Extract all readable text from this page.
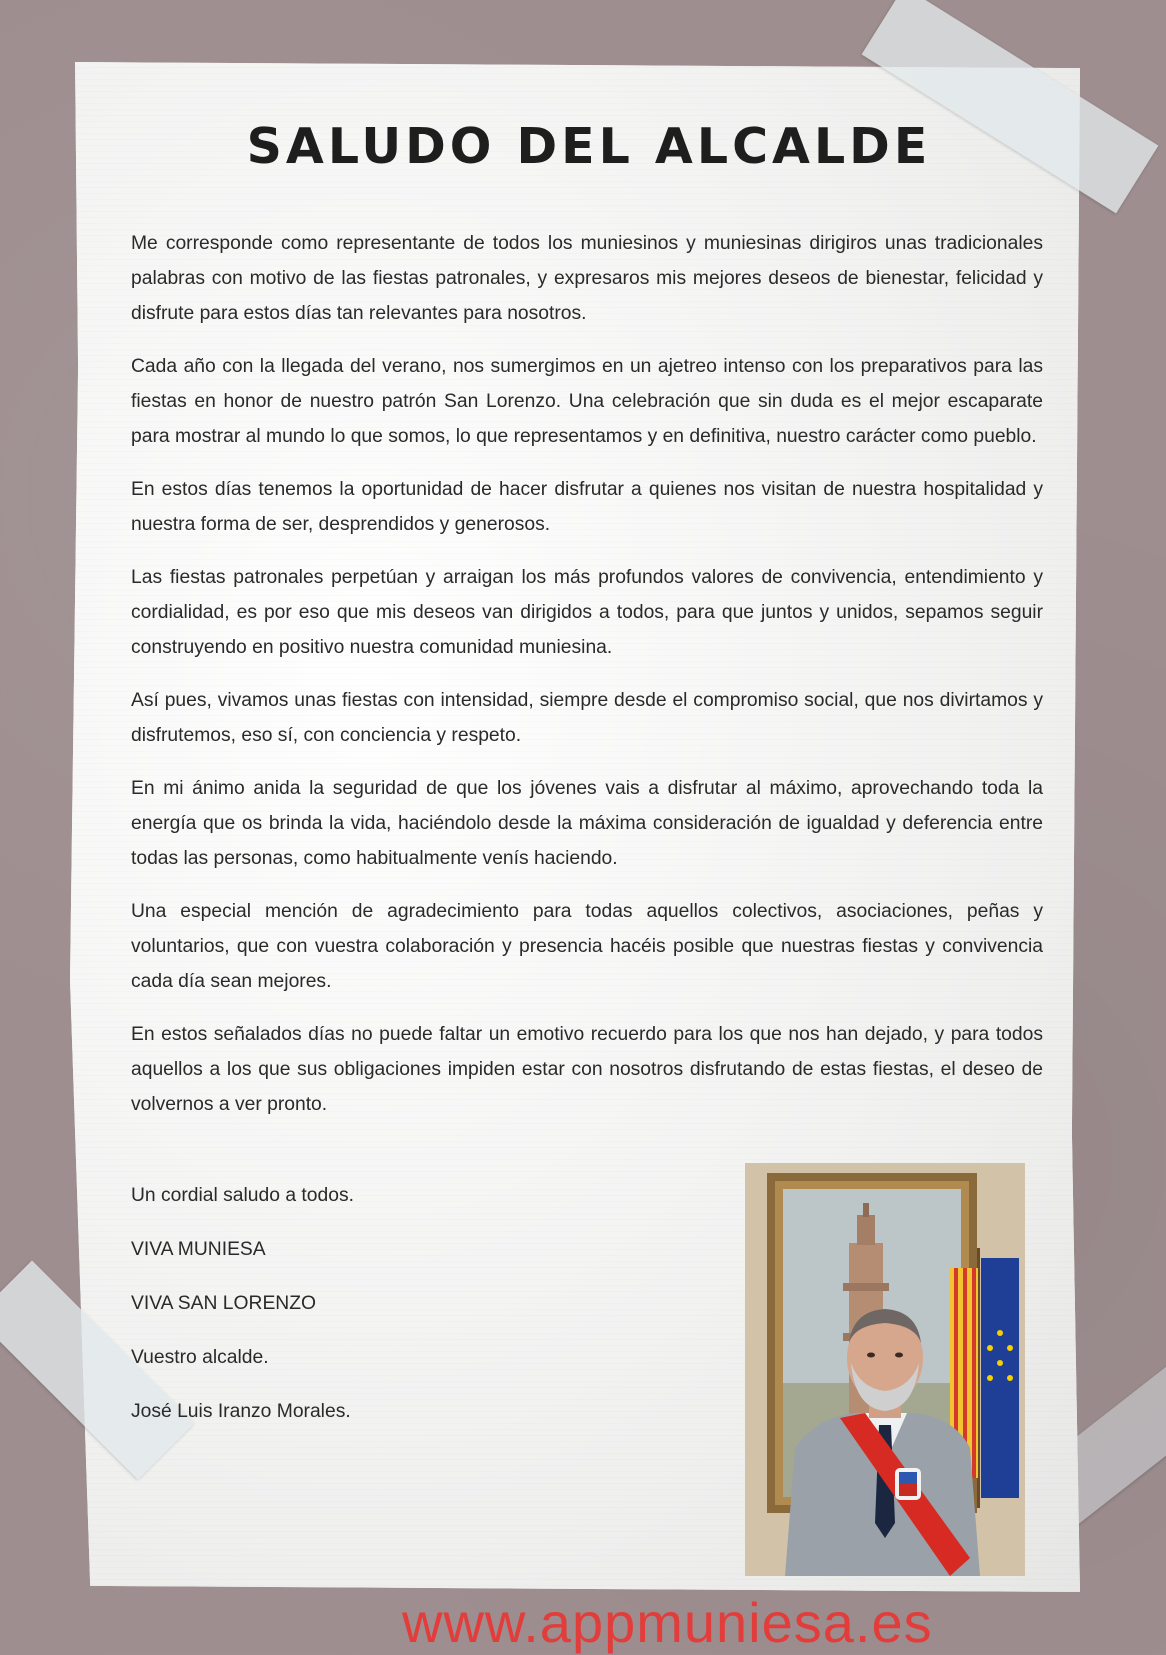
SALUDO DEL ALCALDE

Me corresponde como representante de todos los muniesinos y muniesinas dirigiros unas tradicionales palabras con motivo de las fiestas patronales, y expresaros mis mejores deseos de bienestar, felicidad y disfrute para estos días tan relevantes para nosotros.

Cada año con la llegada del verano, nos sumergimos en un ajetreo intenso con los preparativos para las fiestas en honor de nuestro patrón San Lorenzo. Una celebración que sin duda es el mejor escaparate para mostrar al mundo lo que somos, lo que representamos y en definitiva, nuestro carácter como pueblo.

En estos días tenemos la oportunidad de hacer disfrutar a quienes nos visitan de nuestra hospitalidad y nuestra forma de ser, desprendidos y generosos.

Las fiestas patronales perpetúan y arraigan los más profundos valores de convivencia, entendimiento y cordialidad, es por eso que mis deseos van dirigidos a todos, para que juntos y unidos, sepamos seguir construyendo en positivo nuestra comunidad muniesina.

Así pues, vivamos unas fiestas con intensidad, siempre desde el compromiso social, que nos divirtamos y disfrutemos, eso sí, con conciencia y respeto.

En mi ánimo anida la seguridad de que los jóvenes vais a disfrutar al máximo, aprovechando toda la energía que os brinda la vida, haciéndolo desde la máxima consideración de igualdad y deferencia entre todas las personas, como habitualmente venís haciendo.

Una especial mención de agradecimiento para todas aquellos colectivos, asociaciones, peñas y voluntarios, que con vuestra colaboración y presencia hacéis posible que nuestras fiestas y convivencia cada día sean mejores.

En estos señalados días no puede faltar un emotivo recuerdo para los que nos han dejado, y para todos aquellos a los que sus obligaciones impiden estar con nosotros disfrutando de estas fiestas, el deseo de volvernos a ver pronto.

Un cordial saludo a todos.
VIVA MUNIESA
VIVA SAN LORENZO
Vuestro alcalde.
José Luis Iranzo Morales.
www.appmuniesa.es
